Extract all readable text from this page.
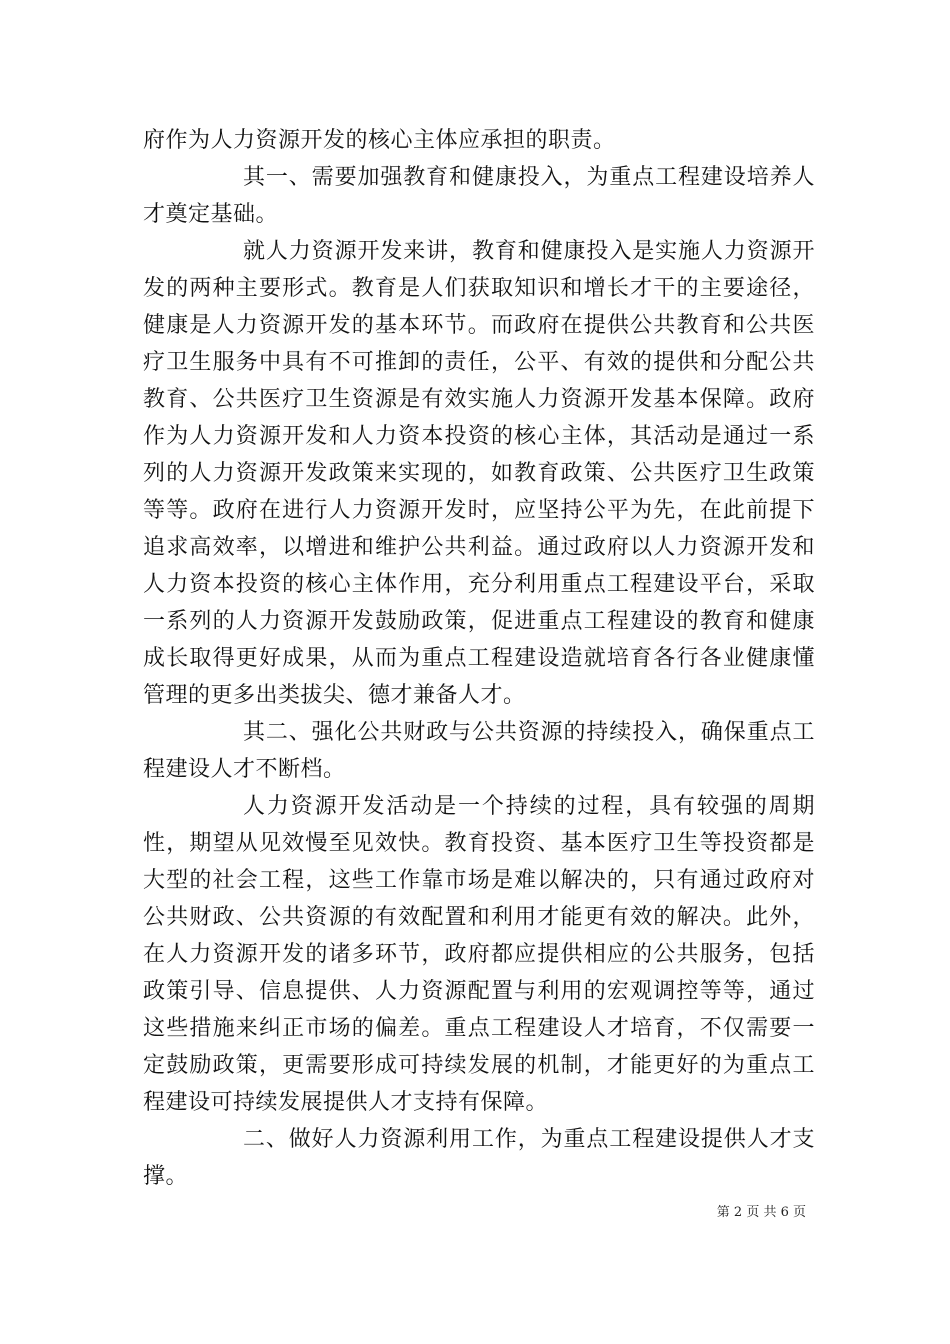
府作为人力资源开发的核心主体应承担的职责。

其一、需要加强教育和健康投入，为重点工程建设培养人才奠定基础。

就人力资源开发来讲，教育和健康投入是实施人力资源开发的两种主要形式。教育是人们获取知识和增长才干的主要途径，健康是人力资源开发的基本环节。而政府在提供公共教育和公共医疗卫生服务中具有不可推卸的责任，公平、有效的提供和分配公共教育、公共医疗卫生资源是有效实施人力资源开发基本保障。政府作为人力资源开发和人力资本投资的核心主体，其活动是通过一系列的人力资源开发政策来实现的，如教育政策、公共医疗卫生政策等等。政府在进行人力资源开发时，应坚持公平为先，在此前提下追求高效率，以增进和维护公共利益。通过政府以人力资源开发和人力资本投资的核心主体作用，充分利用重点工程建设平台，采取一系列的人力资源开发鼓励政策，促进重点工程建设的教育和健康成长取得更好成果，从而为重点工程建设造就培育各行各业健康懂管理的更多出类拔尖、德才兼备人才。

其二、强化公共财政与公共资源的持续投入，确保重点工程建设人才不断档。

人力资源开发活动是一个持续的过程，具有较强的周期性，期望从见效慢至见效快。教育投资、基本医疗卫生等投资都是大型的社会工程，这些工作靠市场是难以解决的，只有通过政府对公共财政、公共资源的有效配置和利用才能更有效的解决。此外，在人力资源开发的诸多环节，政府都应提供相应的公共服务，包括政策引导、信息提供、人力资源配置与利用的宏观调控等等，通过这些措施来纠正市场的偏差。重点工程建设人才培育，不仅需要一定鼓励政策，更需要形成可持续发展的机制，才能更好的为重点工程建设可持续发展提供人才支持有保障。

二、做好人力资源利用工作，为重点工程建设提供人才支撑。

第 2 页 共 6 页
